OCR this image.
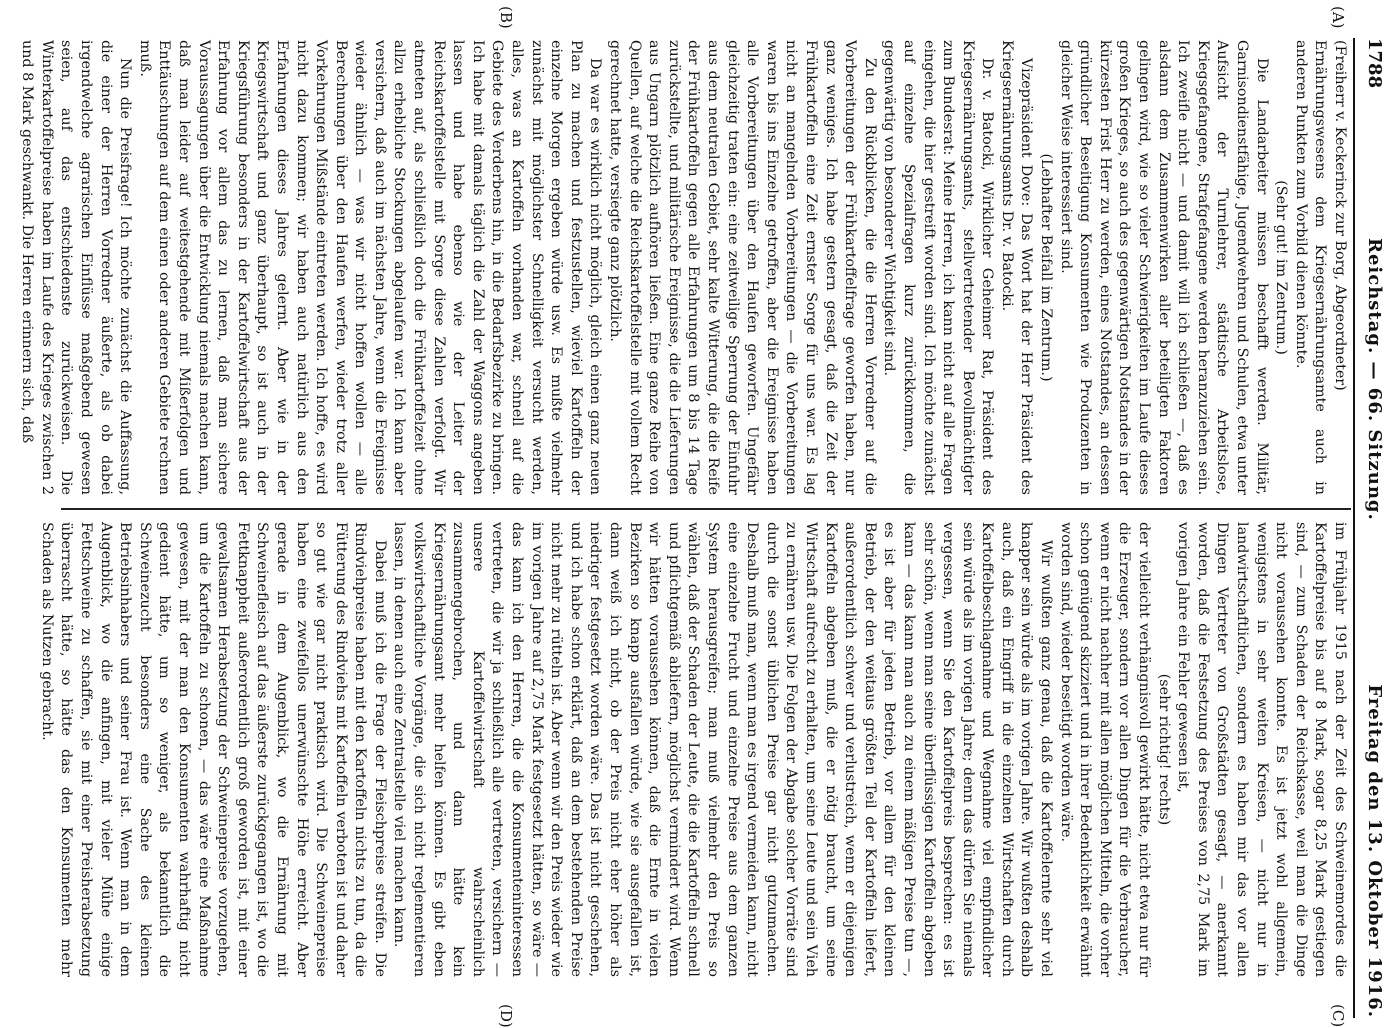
1788
Reichstag. — 66. Sitzung.
Freitag den 13. Oktober 1916.
(A)
(B)
(C)
(D)

(Freiherr v. Keckerinck zur Borg, Abgeordneter)

Ernährungswesens dem Kriegsernährungsamte auch in anderen Punkten zum Vorbild dienen könnte.

(Sehr gut! im Zentrum.)

Die Landarbeiter müssen beschafft werden. Militär, Garnisondienstfähige, Jugendwehren und Schulen, etwa unter Aufsicht der Turnlehrer, städtische Arbeitslose, Kriegsgefangene, Strafgefangene werden heranzuziehen sein. Ich zweifle nicht — und damit will ich schließen —, daß es alsdann dem Zusammenwirken aller beteiligten Faktoren gelingen wird, wie so vieler Schwierigkeiten im Laufe dieses großen Krieges, so auch des gegenwärtigen Notstandes in der kürzesten Frist Herr zu werden, eines Notstandes, an dessen gründlicher Beseitigung Konsumenten wie Produzenten in gleicher Weise interessiert sind.

(Lebhafter Beifall im Zentrum.)

Vizepräsident Dove: Das Wort hat der Herr Präsident des Kriegsernährungsamts Dr. v. Batocki.

Dr. v. Batocki, Wirklicher Geheimer Rat, Präsident des Kriegsernährungsamts, stellvertretender Bevollmächtigter zum Bundesrat: Meine Herren, ich kann nicht auf alle Fragen eingehen, die hier gestreift worden sind. Ich möchte zunächst auf einzelne Spezialfragen kurz zurückkommen, die gegenwärtig von besonderer Wichtigkeit sind.

Zu den Rückblicken, die die Herren Vorredner auf die Vorbereitungen der Frühkartoffelfrage geworfen haben, nur ganz weniges. Ich habe gestern gesagt, daß die Zeit der Frühkartoffeln eine Zeit ernster Sorge für uns war. Es lag nicht an mangelnden Vorbereitungen — die Vorbereitungen waren bis ins Einzelne getroffen, aber die Ereignisse haben alle Vorbereitungen über den Haufen geworfen. Ungefähr gleichzeitig traten ein: eine zeitweilige Sperrung der Einfuhr aus dem neutralen Gebiet, sehr kalte Witterung, die die Reife der Frühkartoffeln gegen alle Erfahrungen um 8 bis 14 Tage zurückstellte, und militärische Ereignisse, die die Lieferungen aus Ungarn plötzlich aufhören ließen. Eine ganze Reihe von Quellen, auf welche die Reichskartoffelstelle mit vollem Recht gerechnet hatte, versiegte ganz plötzlich.

Da war es wirklich nicht möglich, gleich einen ganz neuen Plan zu machen und festzustellen, wieviel Kartoffeln der einzelne Morgen ergeben würde usw. Es mußte vielmehr zunächst mit möglichster Schnelligkeit versucht werden, alles, was an Kartoffeln vorhanden war, schnell auf die Gebiete des Verderbens hin, in die Bedarfsbezirke zu bringen. Ich habe mit damals täglich die Zahl der Waggons angeben lassen und habe ebenso wie der Leiter der Reichskartoffelstelle mit Sorge diese Zahlen verfolgt. Wir atmeten auf, als schließlich doch die Frühkartoffelzeit ohne allzu erhebliche Stockungen abgelaufen war. Ich kann aber versichern, daß auch im nächsten Jahre, wenn die Ereignisse wieder ähnlich — was wir nicht hoffen wollen — alle Berechnungen über den Haufen werfen, wieder trotz aller Vorkehrungen Mißstände eintreten werden. Ich hoffe, es wird nicht dazu kommen; wir haben auch natürlich aus den Erfahrungen dieses Jahres gelernt. Aber wie in der Kriegswirtschaft und ganz überhaupt, so ist auch in der Kriegsführung besonders in der Kartoffelwirtschaft aus der Erfahrung vor allem das zu lernen, daß man sichere Voraussagungen über die Entwicklung niemals machen kann, daß man leider auf weitestgehende mit Mißerfolgen und Enttäuschungen auf dem einen oder anderen Gebiete rechnen muß.

Nun die Preisfrage! Ich möchte zunächst die Auffassung, die einer der Herren Vorredner äußerte, als ob dabei irgendwelche agrarischen Einflüsse maßgebend gewesen seien, auf das entschiedenste zurückweisen. Die Winterkartoffelpreise haben im Laufe des Krieges zwischen 2 und 8 Mark geschwankt. Die Herren erinnern sich, daß

im Frühjahr 1915 nach der Zeit des Schweinemordes die Kartoffelpreise bis auf 8 Mark, sogar 8,25 Mark gestiegen sind, — zum Schaden der Reichskasse, weil man die Dinge nicht voraussehen konnte. Es ist jetzt wohl allgemein, wenigstens in sehr weiten Kreisen, — nicht nur in landwirtschaftlichen, sondern es haben mir das vor allen Dingen Vertreter von Großstädten gesagt, — anerkannt worden, daß die Festsetzung des Preises von 2,75 Mark im vorigen Jahre ein Fehler gewesen ist,

(sehr richtig! rechts)

der vielleicht verhängnisvoll gewirkt hätte, nicht etwa nur für die Erzeuger, sondern vor allen Dingen für die Verbraucher, wenn er nicht nachher mit allen möglichen Mitteln, die vorher schon genügend skizziert und in ihrer Bedenklichkeit erwähnt worden sind, wieder beseitigt worden wäre.

Wir wußten ganz genau, daß die Kartoffelernte sehr viel knapper sein würde als im vorigen Jahre. Wir wußten deshalb auch, daß ein Eingriff in die einzelnen Wirtschaften durch Kartoffelbeschlagnahme und Wegnahme viel empfindlicher sein würde als im vorigen Jahre; denn das dürfen Sie niemals vergessen, wenn Sie den Kartoffelpreis besprechen: es ist sehr schön, wenn man seine überflüssigen Kartoffeln abgeben kann — das kann man auch zu einem mäßigen Preise tun —, es ist aber für jeden Betrieb, vor allem für den kleinen Betrieb, der den weitaus größten Teil der Kartoffeln liefert, außerordentlich schwer und verlustreich, wenn er diejenigen Kartoffeln abgeben muß, die er nötig braucht, um seine Wirtschaft aufrecht zu erhalten, um seine Leute und sein Vieh zu ernähren usw. Die Folgen der Abgabe solcher Vorräte sind durch die sonst üblichen Preise gar nicht gutzumachen. Deshalb muß man, wenn man es irgend vermeiden kann, nicht eine einzelne Frucht und einzelne Preise aus dem ganzen System herausgreifen; man muß vielmehr den Preis so wählen, daß der Schaden der Leute, die die Kartoffeln schnell und pflichtgemäß abliefern, möglichst vermindert wird. Wenn wir hätten voraussehen können, daß die Ernte in vielen Bezirken so knapp ausfallen würde, wie sie ausgefallen ist, dann weiß ich nicht, ob der Preis nicht eher höher als niedriger festgesetzt worden wäre. Das ist nicht geschehen, und ich habe schon erklärt, daß an dem bestehenden Preise nicht mehr zu rütteln ist. Aber wenn wir den Preis wieder wie im vorigen Jahre auf 2,75 Mark festgesetzt hätten, so wäre — das kann ich den Herren, die die Konsumenteninteressen vertreten, die wir ja schließlich alle vertreten, versichern — unsere Kartoffelwirtschaft wahrscheinlich zusammengebrochen, und dann hätte kein Kriegsernährungsamt mehr helfen können. Es gibt eben volkswirtschaftliche Vorgänge, die sich nicht reglementieren lassen, in denen auch eine Zentralstelle viel machen kann.

Dabei muß ich die Frage der Fleischpreise streifen. Die Rindviehpreise haben mit den Kartoffeln nichts zu tun, da die Fütterung des Rindviehs mit Kartoffeln verboten ist und daher so gut wie gar nicht praktisch wird. Die Schweinepreise haben eine zweifellos unerwünschte Höhe erreicht. Aber gerade in dem Augenblick, wo die Ernährung mit Schweinefleisch auf das äußerste zurückgegangen ist, wo die Fettknappheit außerordentlich groß geworden ist, mit einer gewaltsamen Herabsetzung der Schweinepreise vorzugehen, um die Kartoffeln zu schonen, — das wäre eine Maßnahme gewesen, mit der man den Konsumenten wahrhaftig nicht gedient hätte, um so weniger, als bekanntlich die Schweinezucht besonders eine Sache des kleinen Betriebsinhabers und seiner Frau ist. Wenn man in dem Augenblick, wo die anfingen, mit vieler Mühe einige Fettschweine zu schaffen, sie mit einer Preisherabsetzung überrascht hätte, so hätte das den Konsumenten mehr Schaden als Nutzen gebracht.
